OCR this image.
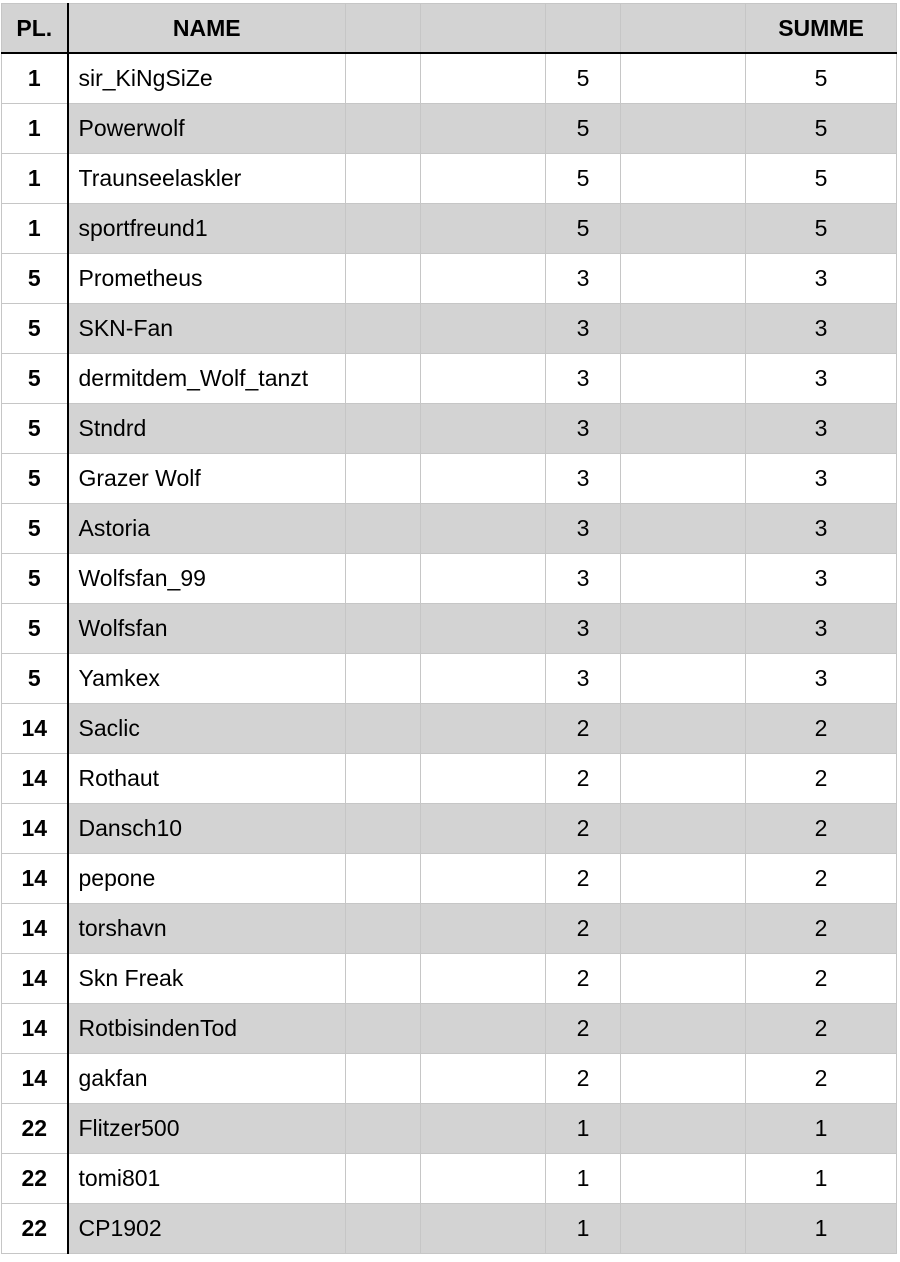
PL.	NAME					SUMME
1	sir_KiNgSiZe			5		5
1	Powerwolf			5		5
1	Traunseelaskler			5		5
1	sportfreund1			5		5
5	Prometheus			3		3
5	SKN-Fan			3		3
5	dermitdem_Wolf_tanzt			3		3
5	Stndrd			3		3
5	Grazer Wolf			3		3
5	Astoria			3		3
5	Wolfsfan_99			3		3
5	Wolfsfan			3		3
5	Yamkex			3		3
14	Saclic			2		2
14	Rothaut			2		2
14	Dansch10			2		2
14	pepone			2		2
14	torshavn			2		2
14	Skn Freak			2		2
14	RotbisindenTod			2		2
14	gakfan			2		2
22	Flitzer500			1		1
22	tomi801			1		1
22	CP1902			1		1
